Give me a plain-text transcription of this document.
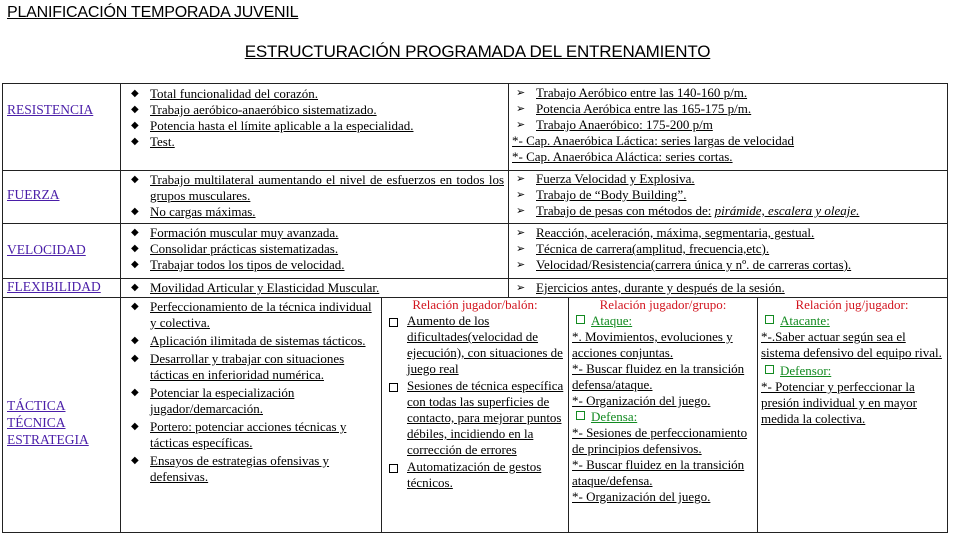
PLANIFICACIÓN TEMPORADA JUVENIL
ESTRUCTURACIÓN PROGRAMADA DEL ENTRENAMIENTO
RESISTENCIA
◆ Total funcionalidad del corazón.
◆ Trabajo aeróbico-anaeróbico sistematizado.
◆ Potencia hasta el límite aplicable a la especialidad.
◆ Test.
➢ Trabajo Aeróbico entre las 140-160 p/m.
➢ Potencia Aeróbica entre las 165-175 p/m.
➢ Trabajo Anaeróbico: 175-200 p/m
*- Cap. Anaeróbica Láctica: series largas de velocidad
*- Cap. Anaeróbica Aláctica: series cortas.
FUERZA
◆ Trabajo multilateral aumentando el nivel de esfuerzos en todos los grupos musculares.
◆ No cargas máximas.
➢ Fuerza Velocidad y Explosiva.
➢ Trabajo de “Body Building”.
➢ Trabajo de pesas con métodos de: pirámide, escalera y oleaje.
VELOCIDAD
◆ Formación muscular muy avanzada.
◆ Consolidar prácticas sistematizadas.
◆ Trabajar todos los tipos de velocidad.
➢ Reacción, aceleración, máxima, segmentaria, gestual.
➢ Técnica de carrera(amplitud, frecuencia,etc).
➢ Velocidad/Resistencia(carrera única y nº. de carreras cortas).
FLEXIBILIDAD	◆ Movilidad Articular y Elasticidad Muscular.	➢ Ejercicios antes, durante y después de la sesión.
TÁCTICA
TÉCNICA
ESTRATEGIA
◆ Perfeccionamiento de la técnica individual y colectiva.
◆ Aplicación ilimitada de sistemas tácticos.
◆ Desarrollar y trabajar con situaciones tácticas en inferioridad numérica.
◆ Potenciar la especialización jugador/demarcación.
◆ Portero: potenciar acciones técnicas y tácticas específicas.
◆ Ensayos de estrategias ofensivas y defensivas.
Relación jugador/balón:
Aumento de los dificultades(velocidad de ejecución), con situaciones de juego real
Sesiones de técnica específica con todas las superficies de contacto, para mejorar puntos débiles, incidiendo en la corrección de errores
Automatización de gestos técnicos.
Relación jugador/grupo:
Ataque:
*. Movimientos, evoluciones y acciones conjuntas.
*- Buscar fluidez en la transición defensa/ataque.
*- Organización del juego.
Defensa:
*- Sesiones de perfeccionamiento de principios defensivos.
*- Buscar fluidez en la transición ataque/defensa.
*- Organización del juego.
Relación jug/jugador:
Atacante:
*-.Saber actuar según sea el sistema defensivo del equipo rival.
Defensor:
*- Potenciar y perfeccionar la presión individual y en mayor medida la colectiva.
